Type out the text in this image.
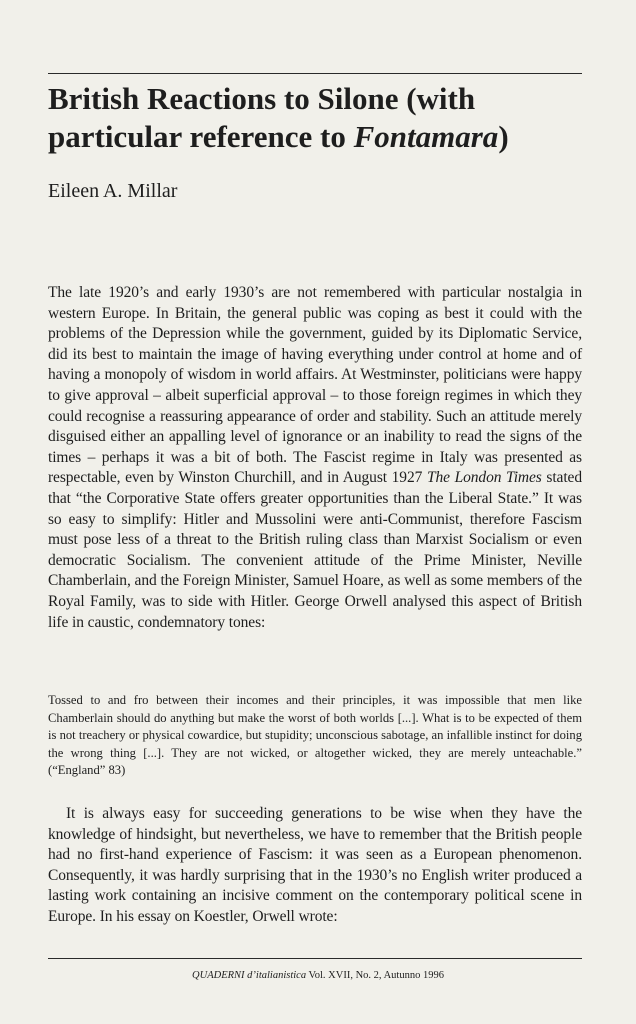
British Reactions to Silone (with particular reference to Fontamara)

Eileen A. Millar

The late 1920’s and early 1930’s are not remembered with particular nostalgia in western Europe. In Britain, the general public was coping as best it could with the problems of the Depression while the government, guided by its Diplomatic Service, did its best to maintain the image of having everything under control at home and of having a monopoly of wisdom in world affairs. At Westminster, politicians were happy to give approval – albeit superficial approval – to those foreign regimes in which they could recognise a reassuring appearance of order and stability. Such an attitude merely disguised either an appalling level of ignorance or an inability to read the signs of the times – perhaps it was a bit of both. The Fascist regime in Italy was presented as respectable, even by Winston Churchill, and in August 1927 The London Times stated that “the Corporative State offers greater opportunities than the Liberal State.” It was so easy to simplify: Hitler and Mussolini were anti-Communist, therefore Fascism must pose less of a threat to the British ruling class than Marxist Socialism or even democratic Socialism. The convenient attitude of the Prime Minister, Neville Chamberlain, and the Foreign Minister, Samuel Hoare, as well as some members of the Royal Family, was to side with Hitler. George Orwell analysed this aspect of British life in caustic, condemnatory tones:

Tossed to and fro between their incomes and their principles, it was impossible that men like Chamberlain should do anything but make the worst of both worlds [...]. What is to be expected of them is not treachery or physical cowardice, but stupidity; unconscious sabotage, an infallible instinct for doing the wrong thing [...]. They are not wicked, or altogether wicked, they are merely unteachable.” (“England” 83)

It is always easy for succeeding generations to be wise when they have the knowledge of hindsight, but nevertheless, we have to remember that the British people had no first-hand experience of Fascism: it was seen as a European phenomenon. Consequently, it was hardly surprising that in the 1930’s no English writer produced a lasting work containing an incisive comment on the contemporary political scene in Europe. In his essay on Koestler, Orwell wrote:

QUADERNI d’italianistica Vol. XVII, No. 2, Autunno 1996
